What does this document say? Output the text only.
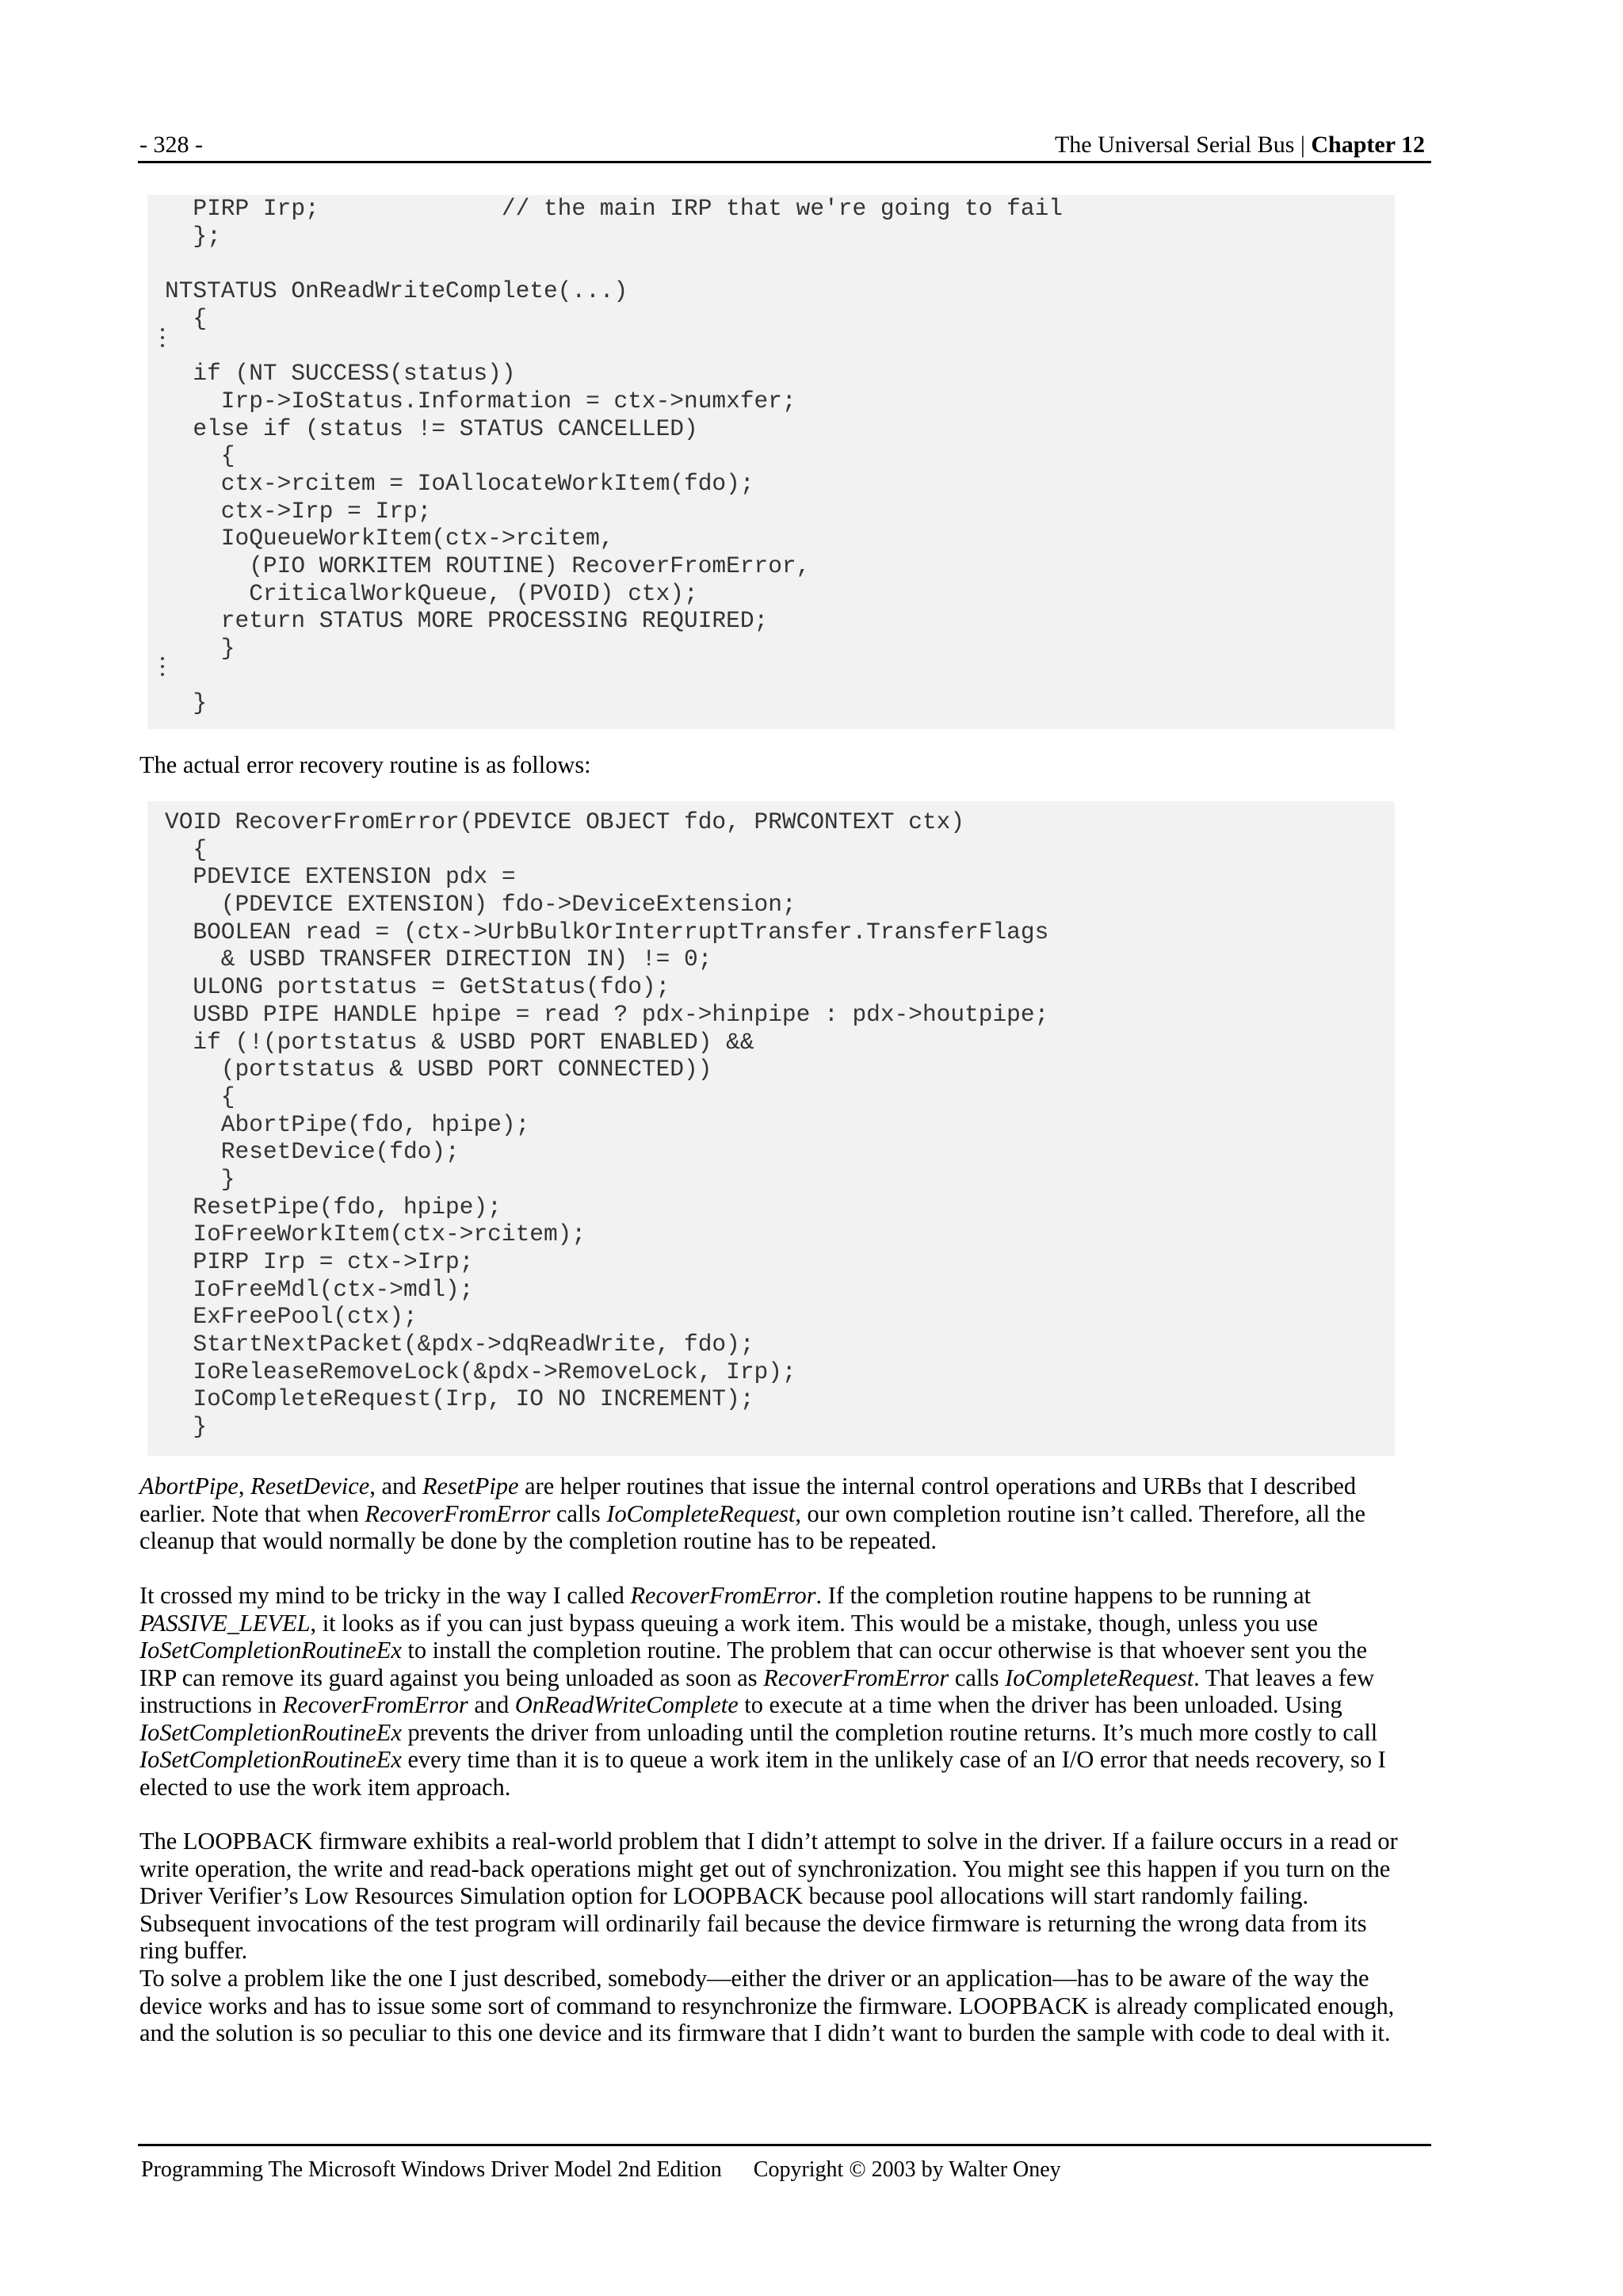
- 328 -	The Universal Serial Bus | Chapter 12

PIRP Irp;             // the main IRP that we're going to fail
};

NTSTATUS OnReadWriteComplete(...)
{

if (NT SUCCESS(status))
Irp->IoStatus.Information = ctx->numxfer;
else if (status != STATUS CANCELLED)
{
ctx->rcitem = IoAllocateWorkItem(fdo);
ctx->Irp = Irp;
IoQueueWorkItem(ctx->rcitem,
(PIO WORKITEM ROUTINE) RecoverFromError,
CriticalWorkQueue, (PVOID) ctx);
return STATUS MORE PROCESSING REQUIRED;
}

}

The actual error recovery routine is as follows:

VOID RecoverFromError(PDEVICE OBJECT fdo, PRWCONTEXT ctx)
{
PDEVICE EXTENSION pdx =
(PDEVICE EXTENSION) fdo->DeviceExtension;
BOOLEAN read = (ctx->UrbBulkOrInterruptTransfer.TransferFlags
& USBD TRANSFER DIRECTION IN) != 0;
ULONG portstatus = GetStatus(fdo);
USBD PIPE HANDLE hpipe = read ? pdx->hinpipe : pdx->houtpipe;
if (!(portstatus & USBD PORT ENABLED) &&
(portstatus & USBD PORT CONNECTED))
{
AbortPipe(fdo, hpipe);
ResetDevice(fdo);
}
ResetPipe(fdo, hpipe);
IoFreeWorkItem(ctx->rcitem);
PIRP Irp = ctx->Irp;
IoFreeMdl(ctx->mdl);
ExFreePool(ctx);
StartNextPacket(&pdx->dqReadWrite, fdo);
IoReleaseRemoveLock(&pdx->RemoveLock, Irp);
IoCompleteRequest(Irp, IO NO INCREMENT);
}

AbortPipe, ResetDevice, and ResetPipe are helper routines that issue the internal control operations and URBs that I described earlier. Note that when RecoverFromError calls IoCompleteRequest, our own completion routine isn’t called. Therefore, all the cleanup that would normally be done by the completion routine has to be repeated.

It crossed my mind to be tricky in the way I called RecoverFromError. If the completion routine happens to be running at PASSIVE_LEVEL, it looks as if you can just bypass queuing a work item. This would be a mistake, though, unless you use IoSetCompletionRoutineEx to install the completion routine. The problem that can occur otherwise is that whoever sent you the IRP can remove its guard against you being unloaded as soon as RecoverFromError calls IoCompleteRequest. That leaves a few instructions in RecoverFromError and OnReadWriteComplete to execute at a time when the driver has been unloaded. Using IoSetCompletionRoutineEx prevents the driver from unloading until the completion routine returns. It’s much more costly to call IoSetCompletionRoutineEx every time than it is to queue a work item in the unlikely case of an I/O error that needs recovery, so I elected to use the work item approach.

The LOOPBACK firmware exhibits a real-world problem that I didn’t attempt to solve in the driver. If a failure occurs in a read or write operation, the write and read-back operations might get out of synchronization. You might see this happen if you turn on the Driver Verifier’s Low Resources Simulation option for LOOPBACK because pool allocations will start randomly failing. Subsequent invocations of the test program will ordinarily fail because the device firmware is returning the wrong data from its ring buffer.

To solve a problem like the one I just described, somebody—either the driver or an application—has to be aware of the way the device works and has to issue some sort of command to resynchronize the firmware. LOOPBACK is already complicated enough, and the solution is so peculiar to this one device and its firmware that I didn’t want to burden the sample with code to deal with it.

Programming The Microsoft Windows Driver Model 2nd Edition Copyright © 2003 by Walter Oney
